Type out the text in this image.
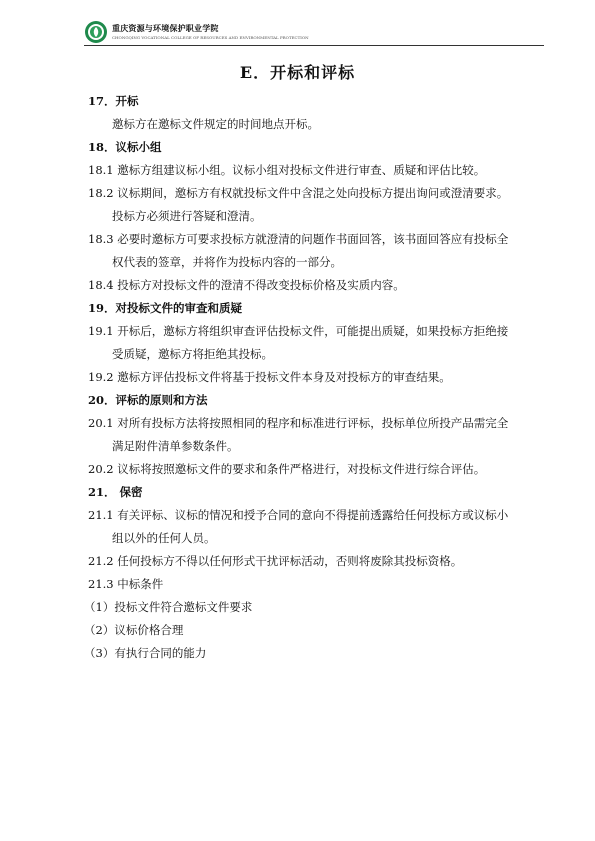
重庆资源与环境保护职业学院
CHONGQING VOCATIONAL COLLEGE OF RESOURCES AND ENVIRONMENTAL PROTECTION
E．开标和评标
17．开标
邀标方在邀标文件规定的时间地点开标。
18．议标小组
18.1 邀标方组建议标小组。议标小组对投标文件进行审查、质疑和评估比较。
18.2 议标期间，邀标方有权就投标文件中含混之处向投标方提出询问或澄清要求。
投标方必须进行答疑和澄清。
18.3 必要时邀标方可要求投标方就澄清的问题作书面回答，该书面回答应有投标全
权代表的签章，并将作为投标内容的一部分。
18.4 投标方对投标文件的澄清不得改变投标价格及实质内容。
19．对投标文件的审查和质疑
19.1 开标后，邀标方将组织审查评估投标文件，可能提出质疑，如果投标方拒绝接
受质疑，邀标方将拒绝其投标。
19.2 邀标方评估投标文件将基于投标文件本身及对投标方的审查结果。
20．评标的原则和方法
20.1 对所有投标方法将按照相同的程序和标准进行评标，投标单位所投产品需完全
满足附件清单参数条件。
20.2 议标将按照邀标文件的要求和条件严格进行，对投标文件进行综合评估。
21． 保密
21.1 有关评标、议标的情况和授予合同的意向不得提前透露给任何投标方或议标小
组以外的任何人员。
21.2 任何投标方不得以任何形式干扰评标活动，否则将废除其投标资格。
21.3 中标条件
（1）投标文件符合邀标文件要求
（2）议标价格合理
（3）有执行合同的能力
